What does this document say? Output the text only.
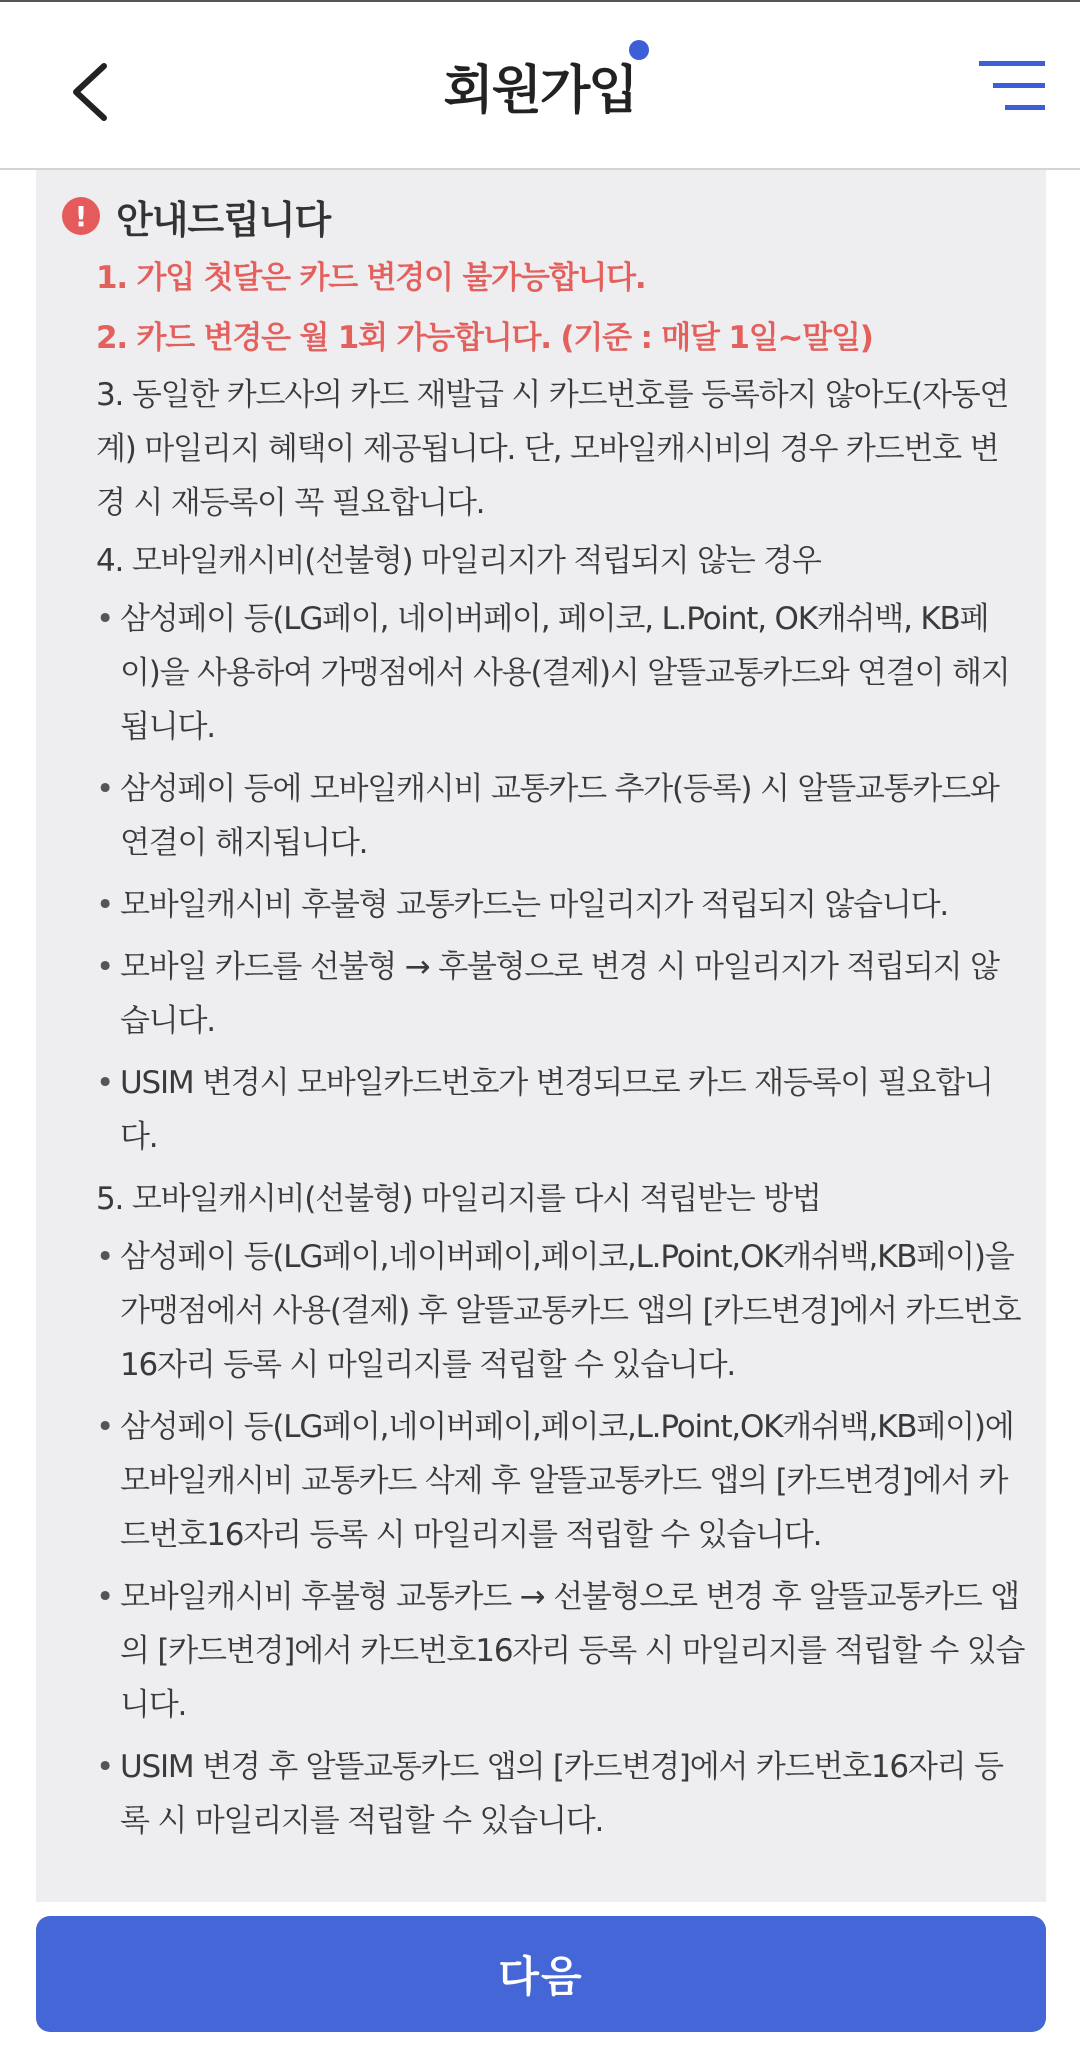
회원가입
! 안내드립니다

1. 가입 첫달은 카드 변경이 불가능합니다.

2. 카드 변경은 월 1회 가능합니다. (기준 : 매달 1일~말일)

3. 동일한 카드사의 카드 재발급 시 카드번호를 등록하지 않아도(자동연계) 마일리지 혜택이 제공됩니다. 단, 모바일캐시비의 경우 카드번호 변경 시 재등록이 꼭 필요합니다.

4. 모바일캐시비(선불형) 마일리지가 적립되지 않는 경우

• 삼성페이 등(LG페이, 네이버페이, 페이코, L.Point, OK캐쉬백, KB페이)을 사용하여 가맹점에서 사용(결제)시 알뜰교통카드와 연결이 해지됩니다.

• 삼성페이 등에 모바일캐시비 교통카드 추가(등록) 시 알뜰교통카드와 연결이 해지됩니다.

• 모바일캐시비 후불형 교통카드는 마일리지가 적립되지 않습니다.

• 모바일 카드를 선불형 → 후불형으로 변경 시 마일리지가 적립되지 않습니다.

• USIM 변경시 모바일카드번호가 변경되므로 카드 재등록이 필요합니다.

5. 모바일캐시비(선불형) 마일리지를 다시 적립받는 방법

• 삼성페이 등(LG페이,네이버페이,페이코,L.Point,OK캐쉬백,KB페이)을 가맹점에서 사용(결제) 후 알뜰교통카드 앱의 [카드변경]에서 카드번호16자리 등록 시 마일리지를 적립할 수 있습니다.

• 삼성페이 등(LG페이,네이버페이,페이코,L.Point,OK캐쉬백,KB페이)에 모바일캐시비 교통카드 삭제 후 알뜰교통카드 앱의 [카드변경]에서 카드번호16자리 등록 시 마일리지를 적립할 수 있습니다.

• 모바일캐시비 후불형 교통카드 → 선불형으로 변경 후 알뜰교통카드 앱의 [카드변경]에서 카드번호16자리 등록 시 마일리지를 적립할 수 있습니다.

• USIM 변경 후 알뜰교통카드 앱의 [카드변경]에서 카드번호16자리 등록 시 마일리지를 적립할 수 있습니다.

다음
